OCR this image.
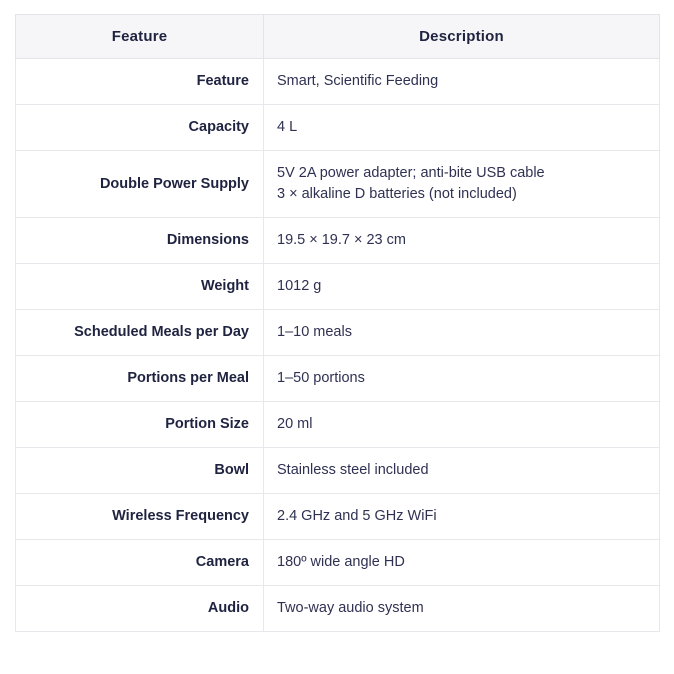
Feature	Description
Feature	Smart, Scientific Feeding
Capacity	4 L
Double Power Supply	5V 2A power adapter; anti-bite USB cable
3 × alkaline D batteries (not included)

Dimensions	19.5 × 19.7 × 23 cm
Weight	1012 g
Scheduled Meals per Day	1–10 meals
Portions per Meal	1–50 portions
Portion Size	20 ml
Bowl	Stainless steel included
Wireless Frequency	2.4 GHz and 5 GHz WiFi
Camera	180º wide angle HD
Audio	Two-way audio system
